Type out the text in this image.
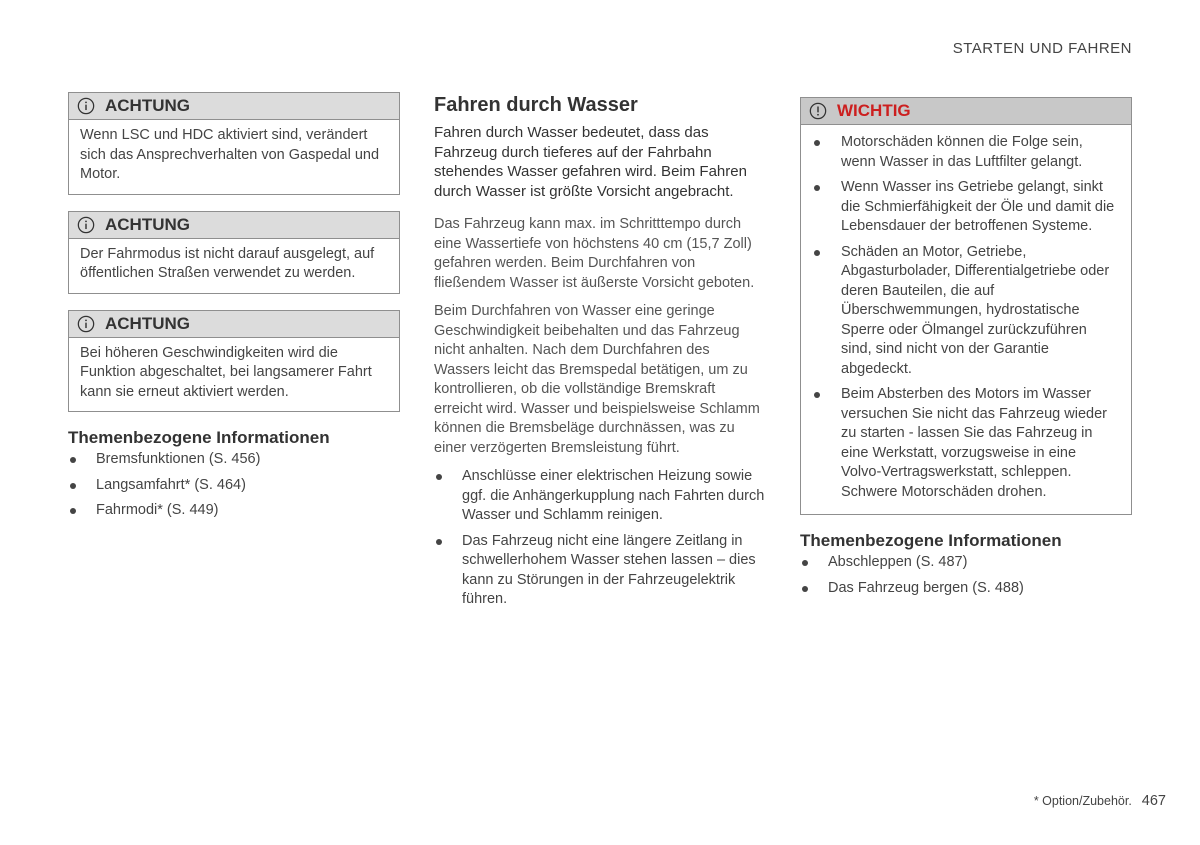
STARTEN UND FAHREN
ACHTUNG
Wenn LSC und HDC aktiviert sind, verändert sich das Ansprechverhalten von Gaspedal und Motor.
ACHTUNG
Der Fahrmodus ist nicht darauf ausgelegt, auf öffentlichen Straßen verwendet zu werden.
ACHTUNG
Bei höheren Geschwindigkeiten wird die Funktion abgeschaltet, bei langsamerer Fahrt kann sie erneut aktiviert werden.
Themenbezogene Informationen
Bremsfunktionen (S. 456)
Langsamfahrt* (S. 464)
Fahrmodi* (S. 449)
Fahren durch Wasser
Fahren durch Wasser bedeutet, dass das Fahrzeug durch tieferes auf der Fahrbahn stehendes Wasser gefahren wird. Beim Fahren durch Wasser ist größte Vorsicht angebracht.
Das Fahrzeug kann max. im Schritttempo durch eine Wassertiefe von höchstens 40 cm (15,7 Zoll) gefahren werden. Beim Durchfahren von fließendem Wasser ist äußerste Vorsicht geboten.
Beim Durchfahren von Wasser eine geringe Geschwindigkeit beibehalten und das Fahrzeug nicht anhalten. Nach dem Durchfahren des Wassers leicht das Bremspedal betätigen, um zu kontrollieren, ob die vollständige Bremskraft erreicht wird. Wasser und beispielsweise Schlamm können die Bremsbeläge durchnässen, was zu einer verzögerten Bremsleistung führt.
Anschlüsse einer elektrischen Heizung sowie ggf. die Anhängerkupplung nach Fahrten durch Wasser und Schlamm reinigen.
Das Fahrzeug nicht eine längere Zeitlang in schwellerhohem Wasser stehen lassen – dies kann zu Störungen in der Fahrzeugelektrik führen.
WICHTIG
Motorschäden können die Folge sein, wenn Wasser in das Luftfilter gelangt.
Wenn Wasser ins Getriebe gelangt, sinkt die Schmierfähigkeit der Öle und damit die Lebensdauer der betroffenen Systeme.
Schäden an Motor, Getriebe, Abgasturbolader, Differentialgetriebe oder deren Bauteilen, die auf Überschwemmungen, hydrostatische Sperre oder Ölmangel zurückzuführen sind, sind nicht von der Garantie abgedeckt.
Beim Absterben des Motors im Wasser versuchen Sie nicht das Fahrzeug wieder zu starten - lassen Sie das Fahrzeug in eine Werkstatt, vorzugsweise in eine Volvo-Vertragswerkstatt, schleppen. Schwere Motorschäden drohen.
Themenbezogene Informationen
Abschleppen (S. 487)
Das Fahrzeug bergen (S. 488)
* Option/Zubehör. 467
